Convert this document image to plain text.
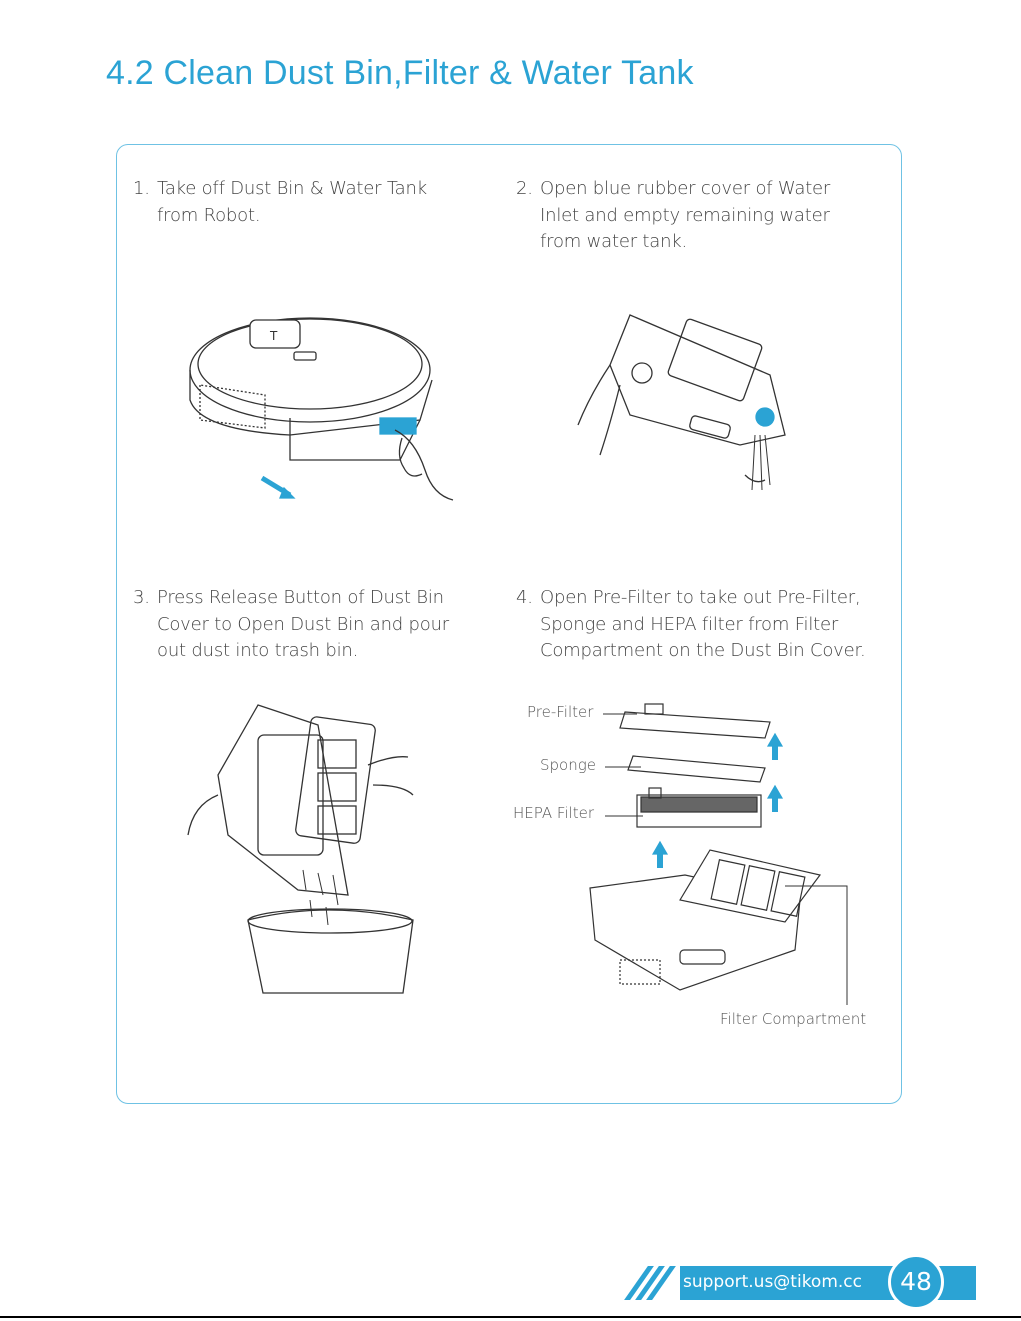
4.2 Clean Dust Bin,Filter & Water Tank
1. Take off Dust Bin & Water Tank
from Robot.
2. Open blue rubber cover of Water
Inlet and empty remaining water
from water tank.
3. Press Release Button of Dust Bin
Cover to Open Dust Bin and pour
out dust into trash bin.
4. Open Pre-Filter to take out Pre-Filter,
Sponge and HEPA filter from Filter
Compartment on the Dust Bin Cover.
T
Pre-Filter
Sponge
HEPA Filter
Filter Compartment
support.us@tikom.cc	48
